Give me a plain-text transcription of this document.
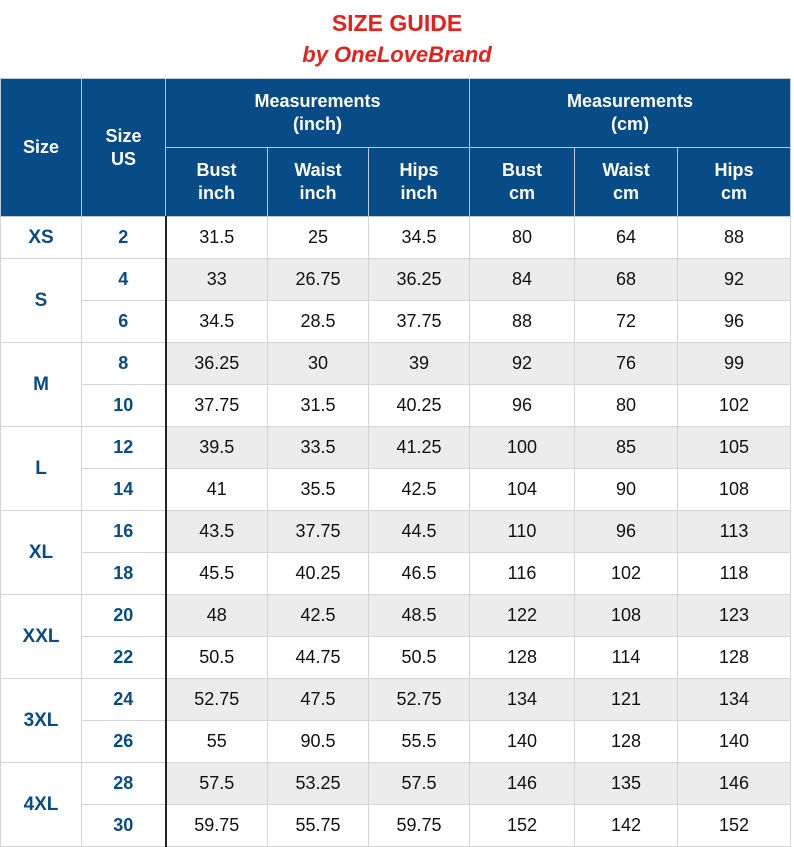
SIZE GUIDE
by OneLoveBrand
Size	Size US	Measurements (inch)			Measurements (cm)		
		Bust inch	Waist inch	Hips inch	Bust cm	Waist cm	Hips cm
XS	2	31.5	25	34.5	80	64	88
S	4	33	26.75	36.25	84	68	92
	6	34.5	28.5	37.75	88	72	96
M	8	36.25	30	39	92	76	99
	10	37.75	31.5	40.25	96	80	102
L	12	39.5	33.5	41.25	100	85	105
	14	41	35.5	42.5	104	90	108
XL	16	43.5	37.75	44.5	110	96	113
	18	45.5	40.25	46.5	116	102	118
XXL	20	48	42.5	48.5	122	108	123
	22	50.5	44.75	50.5	128	114	128
3XL	24	52.75	47.5	52.75	134	121	134
	26	55	90.5	55.5	140	128	140
4XL	28	57.5	53.25	57.5	146	135	146
	30	59.75	55.75	59.75	152	142	152
